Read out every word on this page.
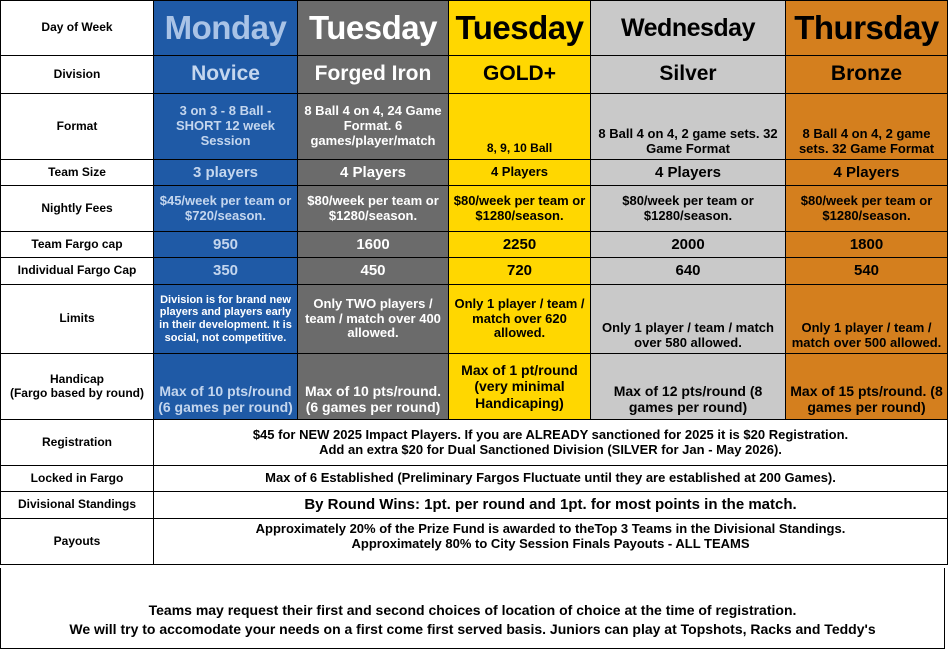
Day of Week	Monday	Tuesday	Tuesday	Wednesday	Thursday
Division	Novice	Forged Iron	GOLD+	Silver	Bronze
Format	3 on 3 - 8 Ball - SHORT 12 week Session	8 Ball 4 on 4, 24 Game Format. 6 games/player/match	8, 9, 10 Ball	8 Ball 4 on 4, 2 game sets. 32 Game Format	8 Ball 4 on 4, 2 game sets. 32 Game Format
Team Size	3 players	4 Players	4 Players	4 Players	4 Players
Nightly Fees	$45/week per team or $720/season.	$80/week per team or $1280/season.	$80/week per team or $1280/season.	$80/week per team or $1280/season.	$80/week per team or $1280/season.
Team Fargo cap	950	1600	2250	2000	1800
Individual Fargo Cap	350	450	720	640	540
Limits	Division is for brand new players and players early in their development. It is social, not competitive.	Only TWO players / team / match over 400 allowed.	Only 1 player / team / match over 620 allowed.	Only 1 player / team / match over 580 allowed.	Only 1 player / team / match over 500 allowed.

Handicap
(Fargo based by round)	Max of 10 pts/round (6 games per round)	Max of 10 pts/round. (6 games per round)	Max of 1 pt/round (very minimal Handicaping)	Max of 12 pts/round (8 games per round)	Max of 15 pts/round. (8 games per round)
Registration	$45 for NEW 2025 Impact Players. If you are ALREADY sanctioned for 2025 it is $20 Registration.
Add an extra $20 for Dual Sanctioned Division (SILVER for Jan - May 2026).				

Locked in Fargo	Max of 6 Established (Preliminary Fargos Fluctuate until they are established at 200 Games).				
Divisional Standings	By Round Wins: 1pt. per round and 1pt. for most points in the match.				
Payouts	Approximately 20% of the Prize Fund is awarded to theTop 3 Teams in the Divisional Standings.
Approximately 80% to City Session Finals Payouts - ALL TEAMS				
Teams may request their first and second choices of location of choice at the time of registration.
We will try to accomodate your needs on a first come first served basis. Juniors can play at Topshots, Racks and Teddy's
